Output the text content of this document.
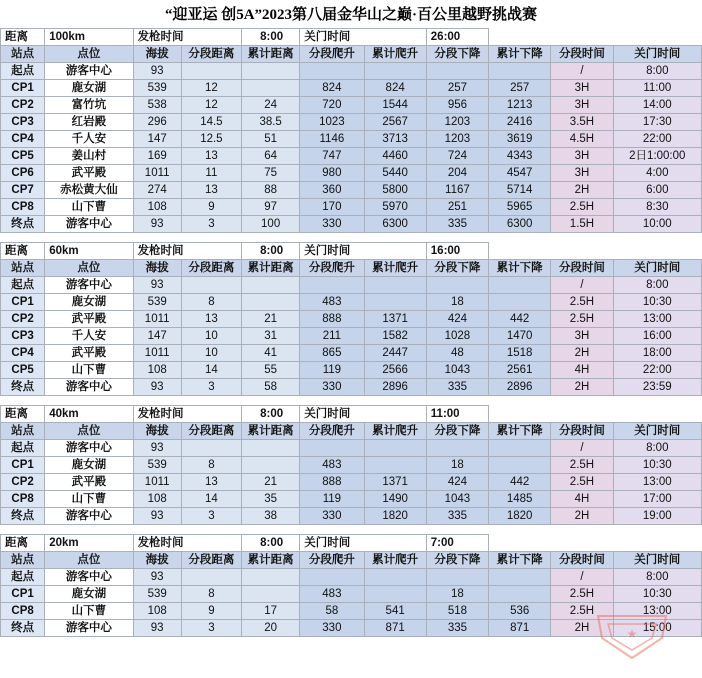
“迎亚运 创5A”2023第八届金华山之巅·百公里越野挑战赛
距离	100km	发枪时间		8:00	关门时间		26:00			
站点	点位	海拔	分段距离	累计距离	分段爬升	累计爬升	分段下降	累计下降	分段时间	关门时间
起点	游客中心	93							/	8:00
CP1	鹿女湖	539	12		824	824	257	257	3H	11:00
CP2	富竹坑	538	12	24	720	1544	956	1213	3H	14:00
CP3	红岩殿	296	14.5	38.5	1023	2567	1203	2416	3.5H	17:30
CP4	千人安	147	12.5	51	1146	3713	1203	3619	4.5H	22:00
CP5	姜山村	169	13	64	747	4460	724	4343	3H	2日1:00:00
CP6	武平殿	1011	11	75	980	5440	204	4547	3H	4:00
CP7	赤松黄大仙	274	13	88	360	5800	1167	5714	2H	6:00
CP8	山下曹	108	9	97	170	5970	251	5965	2.5H	8:30
终点	游客中心	93	3	100	330	6300	335	6300	1.5H	10:00
距离	60km	发枪时间		8:00	关门时间		16:00			
站点	点位	海拔	分段距离	累计距离	分段爬升	累计爬升	分段下降	累计下降	分段时间	关门时间
起点	游客中心	93							/	8:00
CP1	鹿女湖	539	8		483		18		2.5H	10:30
CP2	武平殿	1011	13	21	888	1371	424	442	2.5H	13:00
CP3	千人安	147	10	31	211	1582	1028	1470	3H	16:00
CP4	武平殿	1011	10	41	865	2447	48	1518	2H	18:00
CP5	山下曹	108	14	55	119	2566	1043	2561	4H	22:00
终点	游客中心	93	3	58	330	2896	335	2896	2H	23:59
距离	40km	发枪时间		8:00	关门时间		11:00			
站点	点位	海拔	分段距离	累计距离	分段爬升	累计爬升	分段下降	累计下降	分段时间	关门时间
起点	游客中心	93							/	8:00
CP1	鹿女湖	539	8		483		18		2.5H	10:30
CP2	武平殿	1011	13	21	888	1371	424	442	2.5H	13:00
CP8	山下曹	108	14	35	119	1490	1043	1485	4H	17:00
终点	游客中心	93	3	38	330	1820	335	1820	2H	19:00
距离	20km	发枪时间		8:00	关门时间		7:00			
站点	点位	海拔	分段距离	累计距离	分段爬升	累计爬升	分段下降	累计下降	分段时间	关门时间
起点	游客中心	93							/	8:00
CP1	鹿女湖	539	8		483		18		2.5H	10:30
CP8	山下曹	108	9	17	58	541	518	536	2.5H	13:00
终点	游客中心	93	3	20	330	871	335	871	2H	15:00
★
